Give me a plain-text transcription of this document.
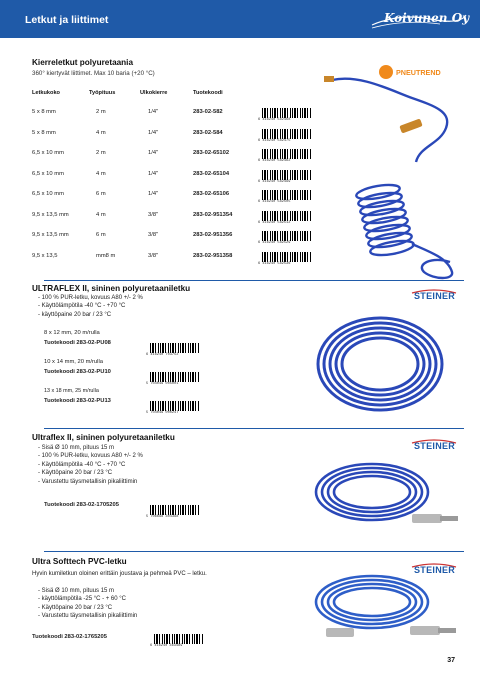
Letkut ja liittimet	Koivunen Oy
Kierreletkut polyuretaania
360° kiertyvät liittimet. Max 10 baria (+20 °C)	PNEUTREND
Letkukoko	Työpituus	Ulkokierre	Tuotekoodi
5 x 8 mm	2 m	1/4"	283-02-582
6 416240 582468
5 x 8 mm	4 m	1/4"	283-02-584
6 416240 582475
6,5 x 10 mm	2 m	1/4"	283-02-65102
6 416240 582482
6,5 x 10 mm	4 m	1/4"	283-02-65104
6 416240 582499
6,5 x 10 mm	6 m	1/4"	283-02-65106
6 416240 582505
9,5 x 13,5 mm	4 m	3/8"	283-02-951354
6 416240 582512
9,5 x 13,5 mm	6 m	3/8"	283-02-951356
6 416240 582529
9,5 x 13,5	mm8 m	3/8"	283-02-951358
6 416240 582536
ULTRAFLEX II, sininen polyuretaaniletku
STEINER
- 100 % PUR-letku, kovuus A80 +/- 2 %
- Käyttölämpötila -40 °C - +70 °C
- käyttöpaine 20 bar / 23 °C
8 x 12 mm, 20 m/rulla
Tuotekoodi 283-02-PU08
6 416240 703752
10 x 14 mm, 20 m/rulla
Tuotekoodi 283-02-PU10
5 704049 005001
13 x 18 mm, 25 m/rulla
Tuotekoodi 283-02-PU13
5 704049 000247
Ultraflex II, sininen polyuretaaniletku
STEINER
- Sisä Ø 10 mm, pituus 15 m
- 100 % PUR-letku, kovuus A80 +/- 2 %
- Käyttölämpötila -40 °C - +70 °C
- Käyttöpaine 20 bar / 23 °C
- Varustettu täysmetallisin pikaliittimin
Tuotekoodi 283-02-1705205
5 706698 304398
Ultra Softtech PVC-letku
STEINER
Hyvin kumiletkun oloinen erittäin joustava ja pehmeä PVC – letku.
- Sisä Ø 10 mm, pituus 15 m
- käyttölämpötila -25 °C - + 60 °C
- Käyttöpaine 20 bar / 23 °C
- Varustettu täysmetallisin pikaliittimin
Tuotekoodi 283-02-1765205
6 416240 363489
37
